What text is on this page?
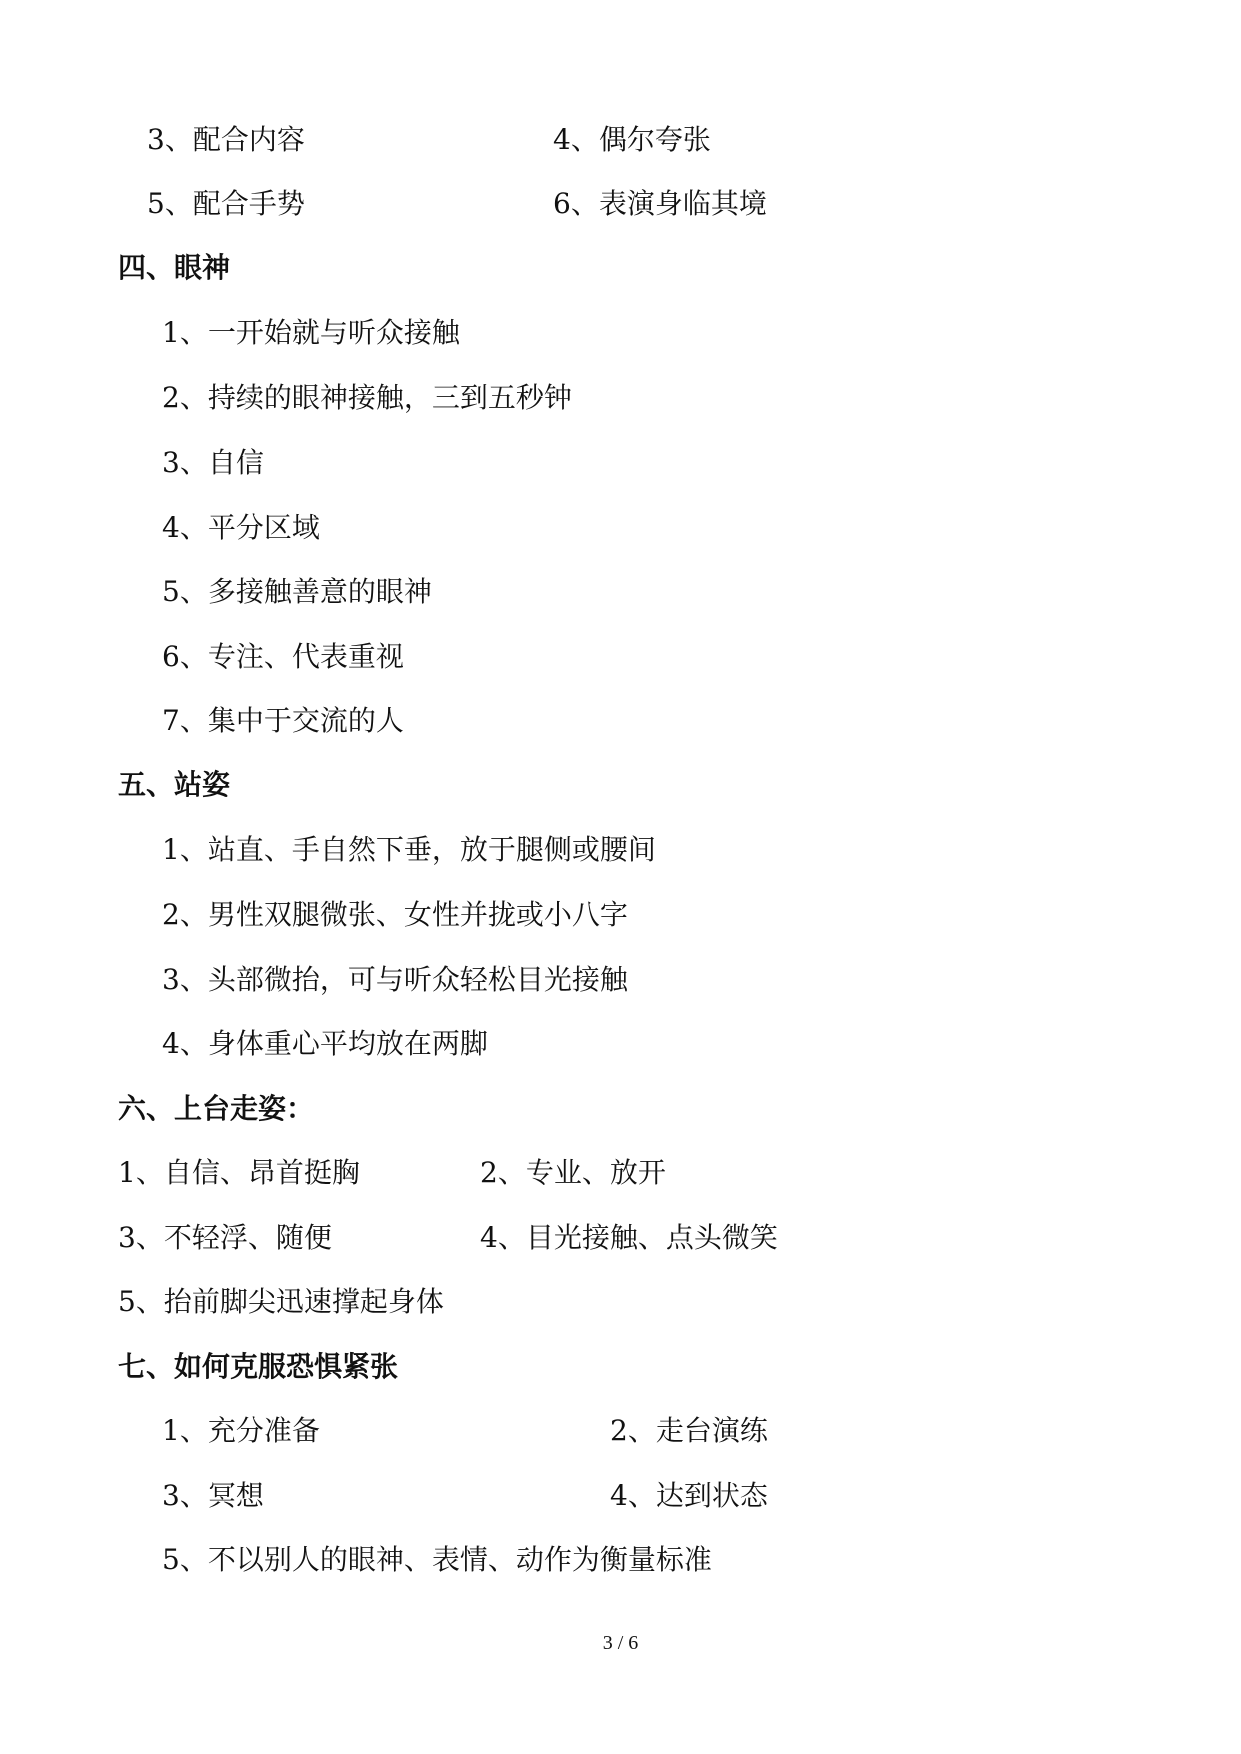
3、配合内容	4、偶尔夸张
5、配合手势	6、表演身临其境
四、眼神
1、一开始就与听众接触
2、持续的眼神接触，三到五秒钟
3、自信
4、平分区域
5、多接触善意的眼神
6、专注、代表重视
7、集中于交流的人
五、站姿
1、站直、手自然下垂，放于腿侧或腰间
2、男性双腿微张、女性并拢或小八字
3、头部微抬，可与听众轻松目光接触
4、身体重心平均放在两脚
六、上台走姿：
1、自信、昂首挺胸	2、专业、放开
3、不轻浮、随便	4、目光接触、点头微笑
5、抬前脚尖迅速撑起身体
七、如何克服恐惧紧张
1、充分准备	2、走台演练
3、冥想	4、达到状态
5、不以别人的眼神、表情、动作为衡量标准
3 / 6
